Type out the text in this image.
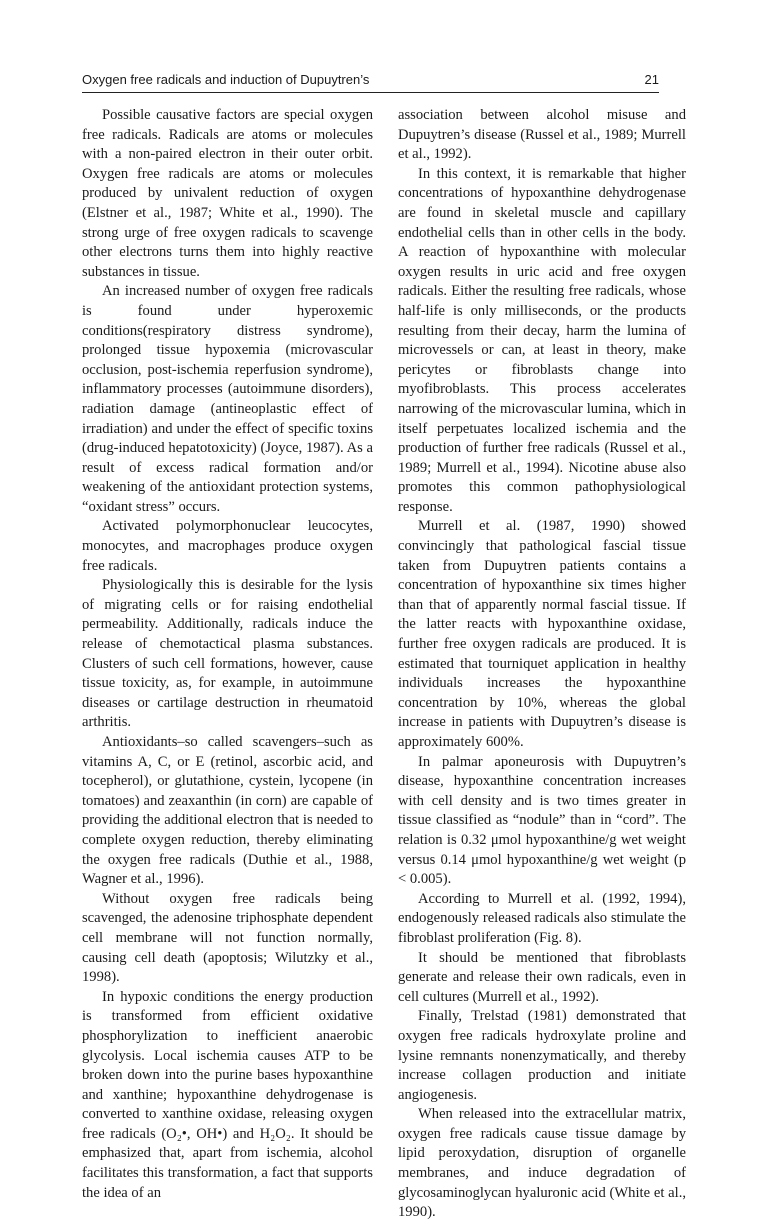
Oxygen free radicals and induction of Dupuytren’s	21

Possible causative factors are special oxygen free radicals. Radicals are atoms or molecules with a non-paired electron in their outer orbit. Oxygen free radicals are atoms or molecules produced by univalent reduction of oxygen (Elstner et al., 1987; White et al., 1990). The strong urge of free oxygen radicals to scavenge other electrons turns them into highly reactive substances in tissue.

An increased number of oxygen free radicals is found under hyperoxemic conditions(respiratory distress syndrome), prolonged tissue hypoxemia (microvascular occlusion, post-ischemia reperfusion syndrome), inflammatory processes (autoimmune disorders), radiation damage (antineoplastic effect of irradiation) and under the effect of specific toxins (drug-induced hepatotoxicity) (Joyce, 1987). As a result of excess radical formation and/or weakening of the antioxidant protection systems, “oxidant stress” occurs.

Activated polymorphonuclear leucocytes, monocytes, and macrophages produce oxygen free radicals.

Physiologically this is desirable for the lysis of migrating cells or for raising endothelial permeability. Additionally, radicals induce the release of chemotactical plasma substances. Clusters of such cell formations, however, cause tissue toxicity, as, for example, in autoimmune diseases or cartilage destruction in rheumatoid arthritis.

Antioxidants–so called scavengers–such as vitamins A, C, or E (retinol, ascorbic acid, and tocepherol), or glutathione, cystein, lycopene (in tomatoes) and zeaxanthin (in corn) are capable of providing the additional electron that is needed to complete oxygen reduction, thereby eliminating the oxygen free radicals (Duthie et al., 1988, Wagner et al., 1996).

Without oxygen free radicals being scavenged, the adenosine triphosphate dependent cell membrane will not function normally, causing cell death (apoptosis; Wilutzky et al., 1998).

In hypoxic conditions the energy production is transformed from efficient oxidative phosphorylization to inefficient anaerobic glycolysis. Local ischemia causes ATP to be broken down into the purine bases hypoxanthine and xanthine; hypoxanthine dehydrogenase is converted to xanthine oxidase, releasing oxygen free radicals (O₂•, OH•) and H₂O₂. It should be emphasized that, apart from ischemia, alcohol facilitates this transformation, a fact that supports the idea of an

association between alcohol misuse and Dupuytren’s disease (Russel et al., 1989; Murrell et al., 1992).

In this context, it is remarkable that higher concentrations of hypoxanthine dehydrogenase are found in skeletal muscle and capillary endothelial cells than in other cells in the body. A reaction of hypoxanthine with molecular oxygen results in uric acid and free oxygen radicals. Either the resulting free radicals, whose half-life is only milliseconds, or the products resulting from their decay, harm the lumina of microvessels or can, at least in theory, make pericytes or fibroblasts change into myofibroblasts. This process accelerates narrowing of the microvascular lumina, which in itself perpetuates localized ischemia and the production of further free radicals (Russel et al., 1989; Murrell et al., 1994). Nicotine abuse also promotes this common pathophysiological response.

Murrell et al. (1987, 1990) showed convincingly that pathological fascial tissue taken from Dupuytren patients contains a concentration of hypoxanthine six times higher than that of apparently normal fascial tissue. If the latter reacts with hypoxanthine oxidase, further free oxygen radicals are produced. It is estimated that tourniquet application in healthy individuals increases the hypoxanthine concentration by 10%, whereas the global increase in patients with Dupuytren’s disease is approximately 600%.

In palmar aponeurosis with Dupuytren’s disease, hypoxanthine concentration increases with cell density and is two times greater in tissue classified as “nodule” than in “cord”. The relation is 0.32 μmol hypoxanthine/g wet weight versus 0.14 μmol hypoxanthine/g wet weight (p < 0.005).

According to Murrell et al. (1992, 1994), endogenously released radicals also stimulate the fibroblast proliferation (Fig. 8).

It should be mentioned that fibroblasts generate and release their own radicals, even in cell cultures (Murrell et al., 1992).

Finally, Trelstad (1981) demonstrated that oxygen free radicals hydroxylate proline and lysine remnants nonenzymatically, and thereby increase collagen production and initiate angiogenesis.

When released into the extracellular matrix, oxygen free radicals cause tissue damage by lipid peroxydation, disruption of organelle membranes, and induce degradation of glycosaminoglycan hyaluronic acid (White et al., 1990).
